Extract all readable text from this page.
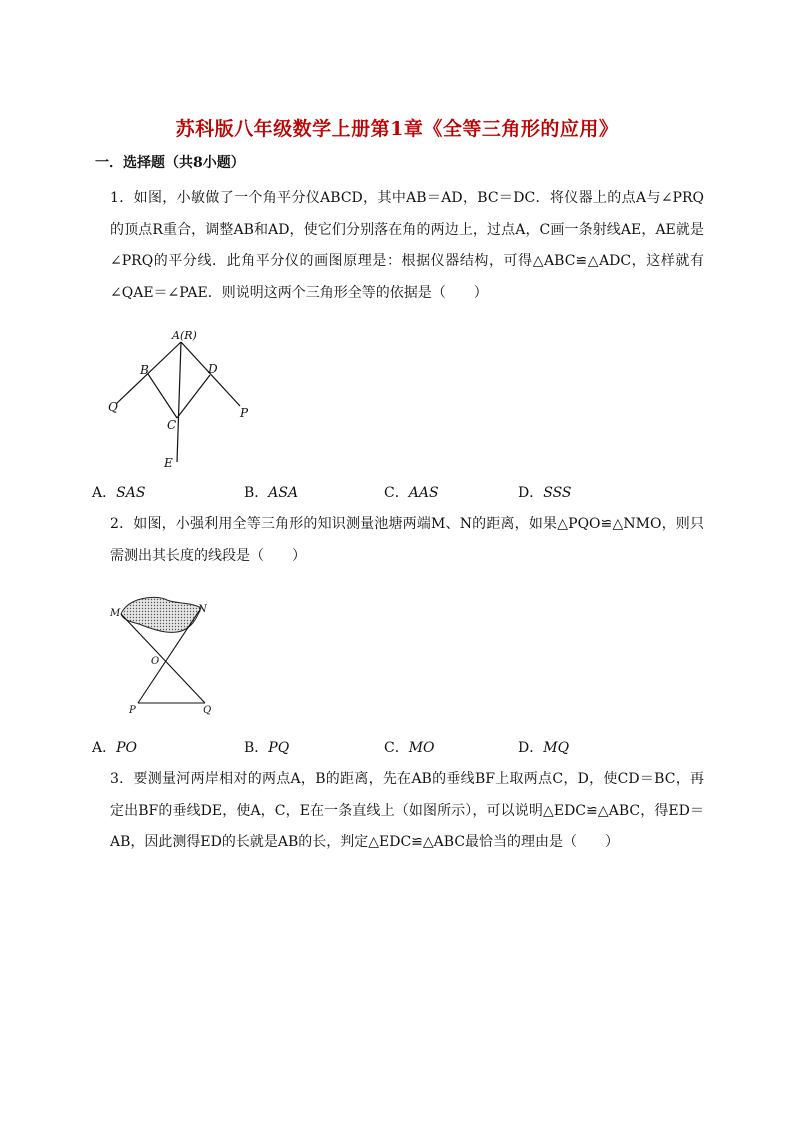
苏科版八年级数学上册第1章《全等三角形的应用》
一．选择题（共8小题）
1．如图，小敏做了一个角平分仪ABCD，其中AB＝AD，BC＝DC．将仪器上的点A与∠PRQ的顶点R重合，调整AB和AD，使它们分别落在角的两边上，过点A，C画一条射线AE，AE就是∠PRQ的平分线．此角平分仪的画图原理是：根据仪器结构，可得△ABC≌△ADC，这样就有∠QAE＝∠PAE．则说明这两个三角形全等的依据是（　　）
A(R)
B	D
Q	P
C
E
A．SAS	B．ASA	C．AAS	D．SSS
2．如图，小强利用全等三角形的知识测量池塘两端M、N的距离，如果△PQO≌△NMO，则只需测出其长度的线段是（　　）
M	N
O
P	Q
A．PO	B．PQ	C．MO	D．MQ
3．要测量河两岸相对的两点A，B的距离，先在AB的垂线BF上取两点C，D，使CD＝BC，再定出BF的垂线DE，使A，C，E在一条直线上（如图所示），可以说明△EDC≌△ABC，得ED＝AB，因此测得ED的长就是AB的长，判定△EDC≌△ABC最恰当的理由是（　　）
